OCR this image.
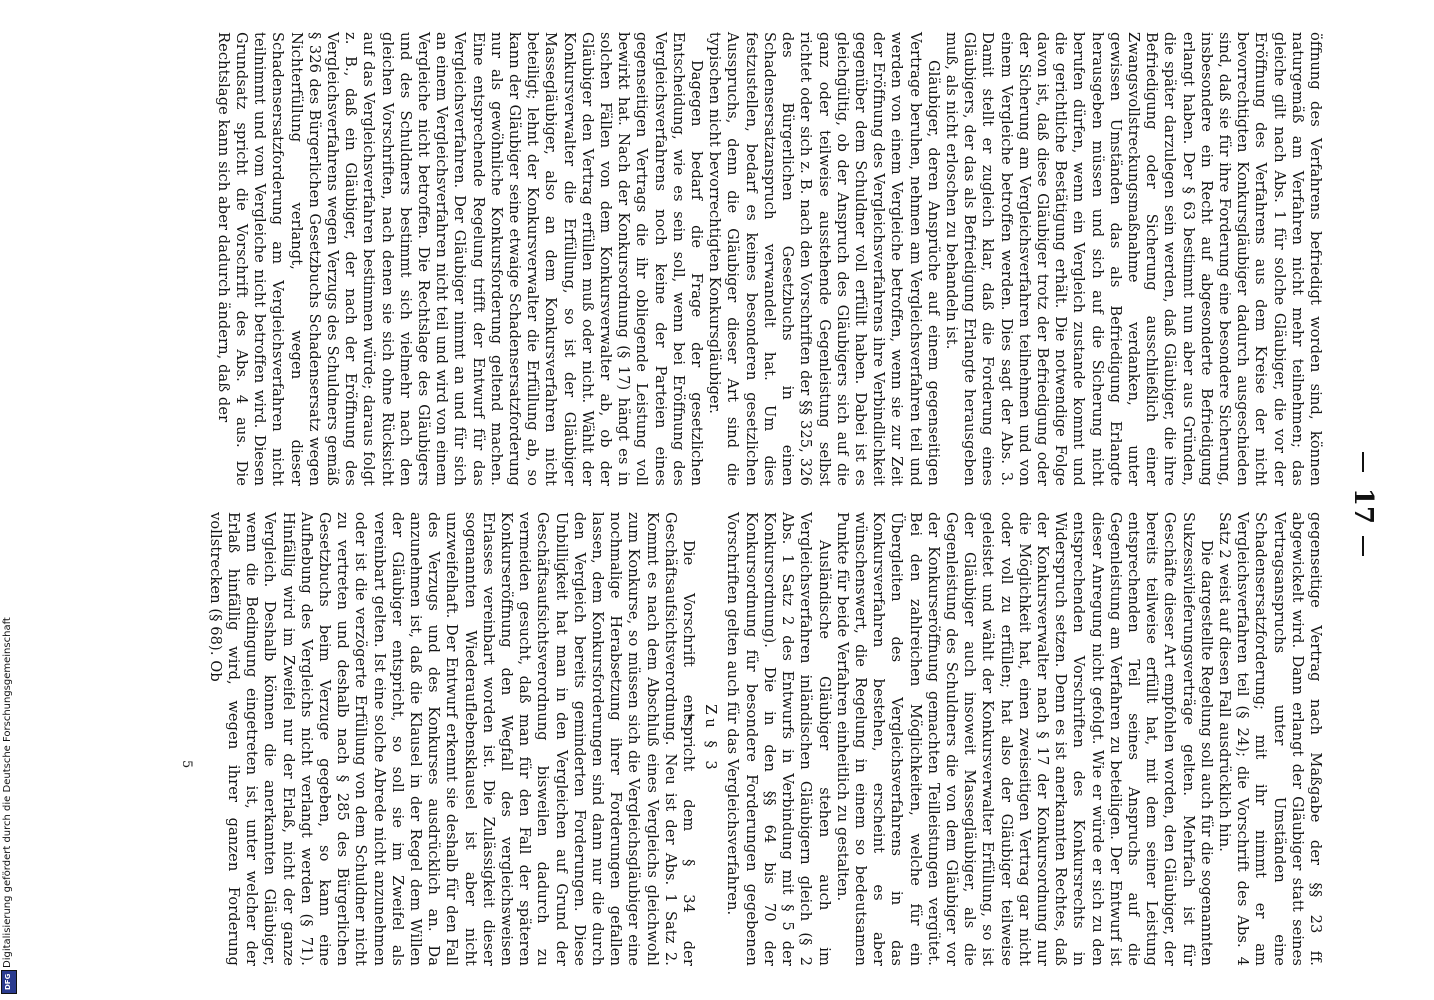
Digitalisierung gefördert durch die Deutsche Forschungsgemeinschaft
DFG
17

gegenseitige Vertrag nach Maßgabe der §§ 23 ff. abgewickelt wird. Dann erlangt der Gläubiger statt seines Vertragsanspruchs unter Umständen eine Schadensersatzforderung; mit ihr nimmt er am Vergleichsverfahren teil (§ 24); die Vorschrift des Abs. 4 Satz 2 weist auf diesen Fall ausdrücklich hin.

Die dargestellte Regelung soll auch für die sogenannten Sukzessivlieferungsverträge gelten. Mehrfach ist für Geschäfte dieser Art empfohlen worden, den Gläubiger, der bereits teilweise erfüllt hat, mit dem seiner Leistung entsprechenden Teil seines Anspruchs auf die Gegenleistung am Verfahren zu beteiligen. Der Entwurf ist dieser Anregung nicht gefolgt. Wie er würde er sich zu den entsprechenden Vorschriften des Konkursrechts in Widerspruch setzen. Denn es ist anerkannten Rechtes, daß der Konkursverwalter nach § 17 der Konkursordnung nur die Möglichkeit hat, einen zweiseitigen Vertrag gar nicht oder voll zu erfüllen; hat also der Gläubiger teilweise geleistet und wählt der Konkursverwalter Erfüllung, so ist der Gläubiger auch insoweit Massegläubiger, als die Gegenleistung des Schuldners die von dem Gläubiger vor der Konkurseröffnung gemachten Teilleistungen vergütet. Bei den zahlreichen Möglichkeiten, welche für ein Übergleiten des Vergleichsverfahrens in das Konkursverfahren bestehen, erscheint es aber wünschenswert, die Regelung in einem so bedeutsamen Punkte für beide Verfahren einheitlich zu gestalten.

Ausländische Gläubiger stehen auch im Vergleichsverfahren inländischen Gläubigern gleich (§ 2 Abs. 1 Satz 2 des Entwurfs in Verbindung mit § 5 der Konkursordnung). Die in den §§ 64 bis 70 der Konkursordnung für besondere Forderungen gegebenen Vorschriften gelten auch für das Vergleichsverfahren.

Zu § 3

Die Vorschrift entspricht dem § 34 der Geschäftsaufsichtsverordnung. Neu ist der Abs. 1 Satz 2. Kommt es nach dem Abschluß eines Vergleichs gleichwohl zum Konkurse, so müssen sich die Vergleichsgläubiger eine nochmalige Herabsetzung ihrer Forderungen gefallen lassen, dem Konkursforderungen sind dann nur die durch den Vergleich bereits geminderten Forderungen. Diese Unbilligkeit hat man in den Vergleichen auf Grund der Geschäftsaufsichtsverordnung bisweilen dadurch zu vermeiden gesucht, daß man für den Fall der späteren Konkurseröffnung den Wegfall des vergleichsweisen Erlasses vereinbart worden ist. Die Zulässigkeit dieser sogenannten Wiederauflebensklausel ist aber nicht unzweifelhaft. Der Entwurf erkennt sie deshalb für den Fall des Verzugs und des Konkurses ausdrücklich an. Da anzunehmen ist, daß die Klausel in der Regel dem Willen der Gläubiger entspricht, so soll sie im Zweifel als vereinbart gelten. Ist eine solche Abrede nicht anzunehmen oder ist die verzögerte Erfüllung von dem Schuldner nicht zu vertreten und deshalb nach § 285 des Bürgerlichen Gesetzbuchs beim Verzuge gegeben, so kann eine Aufhebung des Vergleichs nicht verlangt werden (§ 71). Hinfällig wird im Zweifel nur der Erlaß, nicht der ganze Vergleich. Deshalb können die anerkannten Gläubiger, wenn die Bedingung eingetreten ist, unter welcher der Erlaß hinfällig wird, wegen ihrer ganzen Forderung vollstrecken (§ 68). Ob

öffnung des Verfahrens befriedigt worden sind, können naturgemäß am Verfahren nicht mehr teilnehmen; das gleiche gilt nach Abs. 1 für solche Gläubiger, die vor der Eröffnung des Verfahrens aus dem Kreise der nicht bevorrechtigten Konkursgläubiger dadurch ausgeschieden sind, daß sie für ihre Forderung eine besondere Sicherung, insbesondere ein Recht auf abgesonderte Befriedigung erlangt haben. Der § 63 bestimmt nun aber aus Gründen, die später darzulegen sein werden, daß Gläubiger, die ihre Befriedigung oder Sicherung ausschließlich einer Zwangsvollstreckungsmaßnahme verdanken, unter gewissen Umständen das als Befriedigung Erlangte herausgeben müssen und sich auf die Sicherung nicht berufen dürfen, wenn ein Vergleich zustande kommt und die gerichtliche Bestätigung erhält. Die notwendige Folge davon ist, daß diese Gläubiger trotz der Befriedigung oder der Sicherung am Vergleichsverfahren teilnehmen und von einem Vergleiche betroffen werden. Dies sagt der Abs. 3. Damit stellt er zugleich klar, daß die Forderung eines Gläubigers, der das als Befriedigung Erlangte herausgeben muß, als nicht erloschen zu behandeln ist.

Gläubiger, deren Ansprüche auf einem gegenseitigen Vertrage beruhen, nehmen am Vergleichsverfahren teil und werden von einem Vergleiche betroffen, wenn sie zur Zeit der Eröffnung des Vergleichsverfahrens ihre Verbindlichkeit gegenüber dem Schuldner voll erfüllt haben. Dabei ist es gleichgültig, ob der Anspruch des Gläubigers sich auf die ganz oder teilweise ausstehende Gegenleistung selbst richtet oder sich z. B. nach den Vorschriften der §§ 325, 326 des Bürgerlichen Gesetzbuchs in einen Schadensersatzanspruch verwandelt hat. Um dies festzustellen, bedarf es keines besonderen gesetzlichen Ausspruchs, denn die Gläubiger dieser Art sind die typischen nicht bevorrechtigten Konkursgläubiger.

Dagegen bedarf die Frage der gesetzlichen Entscheidung, wie es sein soll, wenn bei Eröffnung des Vergleichsverfahrens noch keine der Parteien eines gegenseitigen Vertrags die ihr obliegende Leistung voll bewirkt hat. Nach der Konkursordnung (§ 17) hängt es in solchen Fällen von dem Konkursverwalter ab, ob der Gläubiger den Vertrag erfüllen muß oder nicht. Wählt der Konkursverwalter die Erfüllung, so ist der Gläubiger Massegläubiger, also an dem Konkursverfahren nicht beteiligt; lehnt der Konkursverwalter die Erfüllung ab, so kann der Gläubiger seine etwaige Schadensersatzforderung nur als gewöhnliche Konkursforderung geltend machen. Eine entsprechende Regelung trifft der Entwurf für das Vergleichsverfahren. Der Gläubiger nimmt an und für sich an einem Vergleichsverfahren nicht teil und wird von einem Vergleiche nicht betroffen. Die Rechtslage des Gläubigers und des Schuldners bestimmt sich vielmehr nach den gleichen Vorschriften, nach denen sie sich ohne Rücksicht auf das Vergleichsverfahren bestimmen würde; daraus folgt z. B., daß ein Gläubiger, der nach der Eröffnung des Vergleichsverfahrens wegen Verzugs des Schuldners gemäß § 326 des Bürgerlichen Gesetzbuchs Schadensersatz wegen Nichterfüllung verlangt, wegen dieser Schadensersatzforderung am Vergleichsverfahren nicht teilnimmt und vom Vergleiche nicht betroffen wird. Diesen Grundsatz spricht die Vorschrift des Abs. 4 aus. Die Rechtslage kann sich aber dadurch ändern, daß der

5
